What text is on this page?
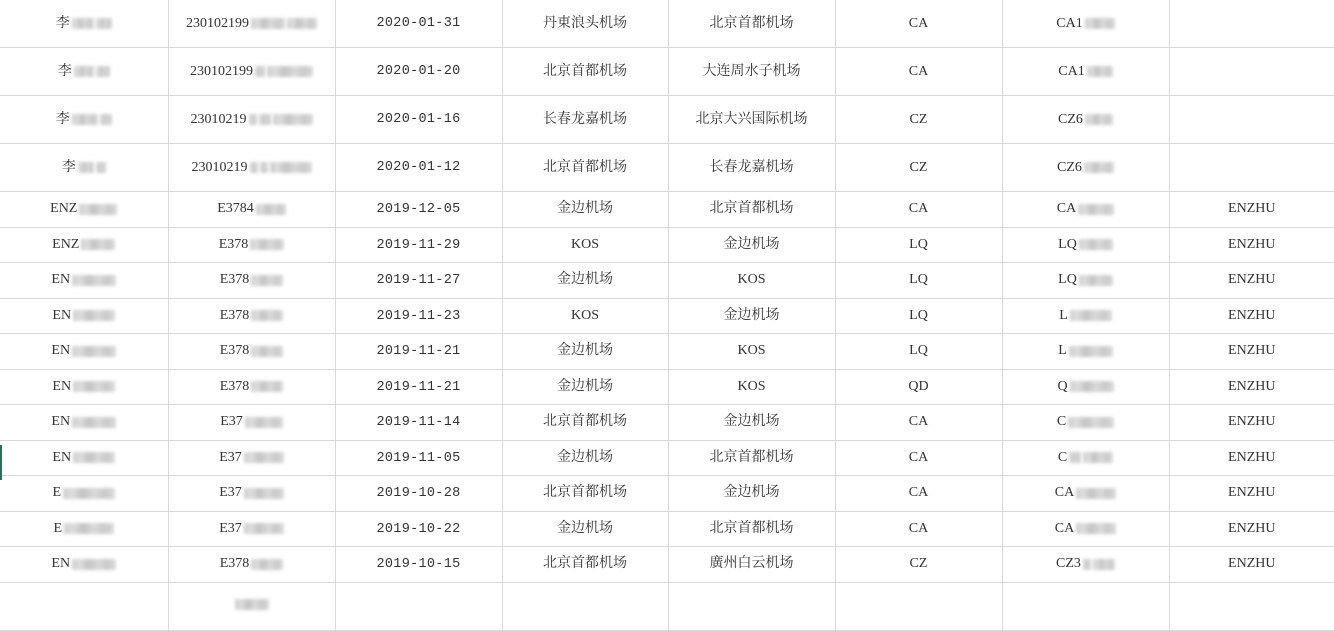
李	230102199	2020-01-31	丹東浪头机场	北京首都机场	CA	CA1	

李	230102199	2020-01-20	北京首都机场	大连周水子机场	CA	CA1	

李	23010219	2020-01-16	长春龙嘉机场	北京大兴国际机场	CZ	CZ6	

李	23010219	2020-01-12	北京首都机场	长春龙嘉机场	CZ	CZ6	

ENZ	E3784	2019-12-05	金边机场	北京首都机场	CA	CA	ENZHU

ENZ	E378	2019-11-29	KOS	金边机场	LQ	LQ	ENZHU

EN	E378	2019-11-27	金边机场	KOS	LQ	LQ	ENZHU

EN	E378	2019-11-23	KOS	金边机场	LQ	L	ENZHU

EN	E378	2019-11-21	金边机场	KOS	LQ	L	ENZHU

EN	E378	2019-11-21	金边机场	KOS	QD	Q	ENZHU

EN	E37	2019-11-14	北京首都机场	金边机场	CA	C	ENZHU

EN	E37	2019-11-05	金边机场	北京首都机场	CA	C	ENZHU

E	E37	2019-10-28	北京首都机场	金边机场	CA	CA	ENZHU

E	E37	2019-10-22	金边机场	北京首都机场	CA	CA	ENZHU

EN	E378	2019-10-15	北京首都机场	廣州白云机场	CZ	CZ3	ENZHU
